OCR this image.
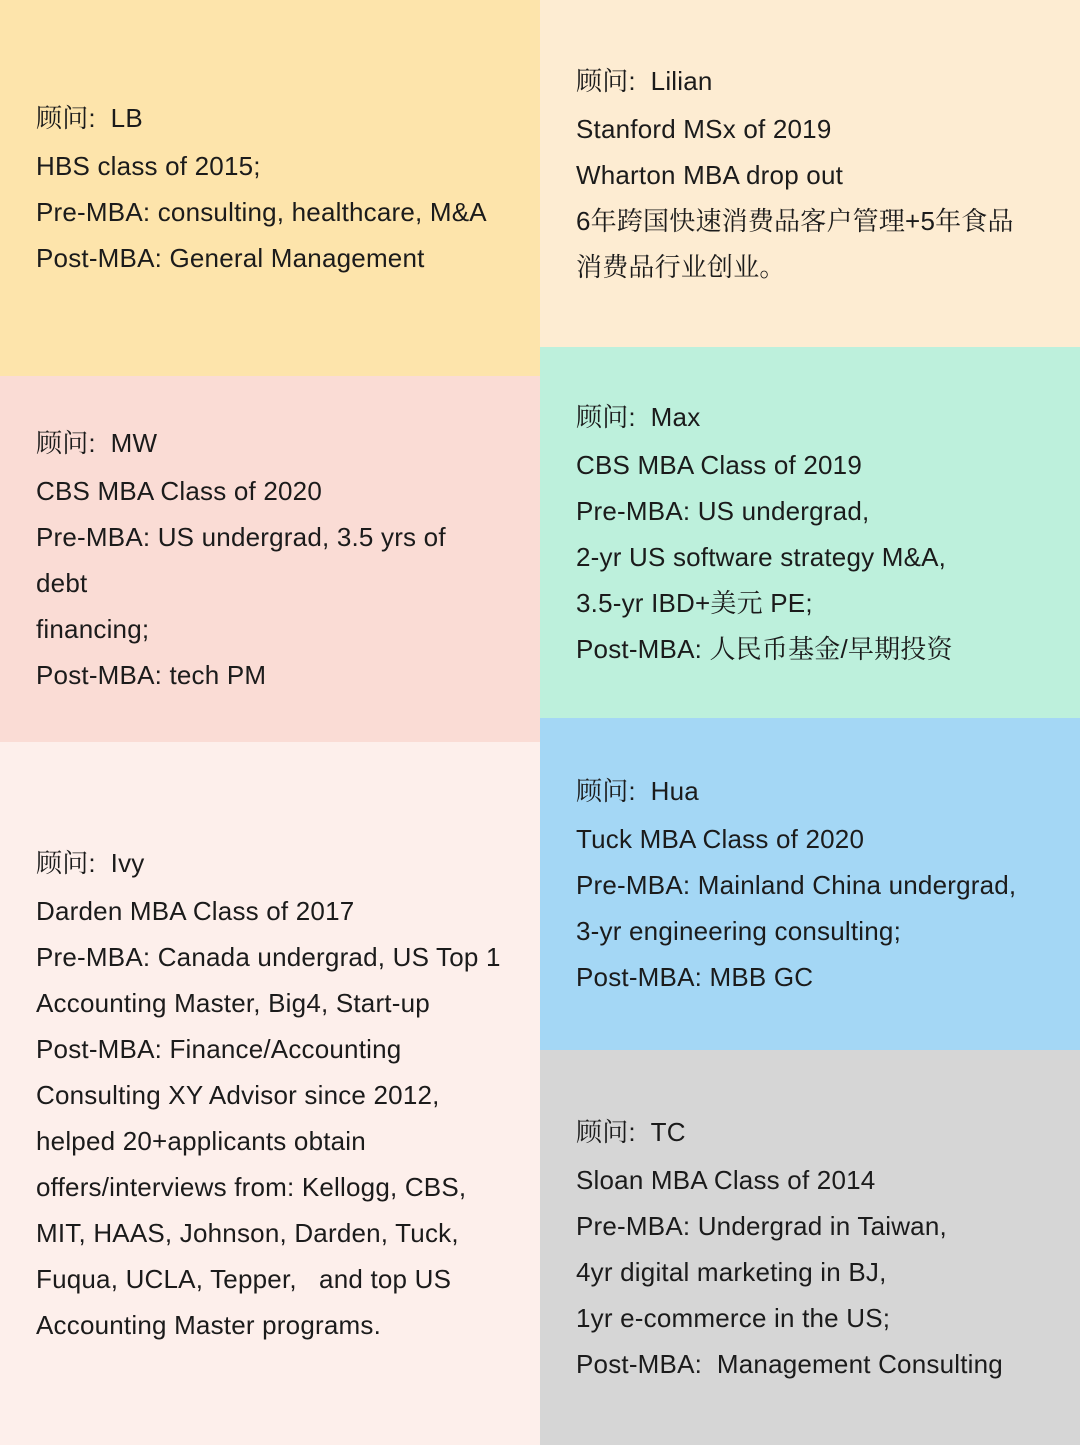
顾问:  LB
HBS class of 2015;
Pre-MBA: consulting, healthcare, M&A
Post-MBA: General Management
顾问:  MW
CBS MBA Class of 2020
Pre-MBA: US undergrad, 3.5 yrs of debt
financing;
Post-MBA: tech PM
顾问:  Ivy
Darden MBA Class of 2017
Pre-MBA: Canada undergrad, US Top 1
Accounting Master, Big4, Start-up
Post-MBA: Finance/Accounting
Consulting XY Advisor since 2012,
helped 20+applicants obtain
offers/interviews from: Kellogg, CBS,
MIT, HAAS, Johnson, Darden, Tuck,
Fuqua, UCLA, Tepper,   and top US
Accounting Master programs.
顾问:  Lilian
Stanford MSx of 2019
Wharton MBA drop out
6年跨国快速消费品客户管理+5年食品
消费品行业创业。
顾问:  Max
CBS MBA Class of 2019
Pre-MBA: US undergrad,
2-yr US software strategy M&A,
3.5-yr IBD+美元 PE;
Post-MBA: 人民币基金/早期投资
顾问:  Hua
Tuck MBA Class of 2020
Pre-MBA: Mainland China undergrad,
3-yr engineering consulting;
Post-MBA: MBB GC
顾问:  TC
Sloan MBA Class of 2014
Pre-MBA: Undergrad in Taiwan,
4yr digital marketing in BJ,
1yr e-commerce in the US;
Post-MBA:  Management Consulting
